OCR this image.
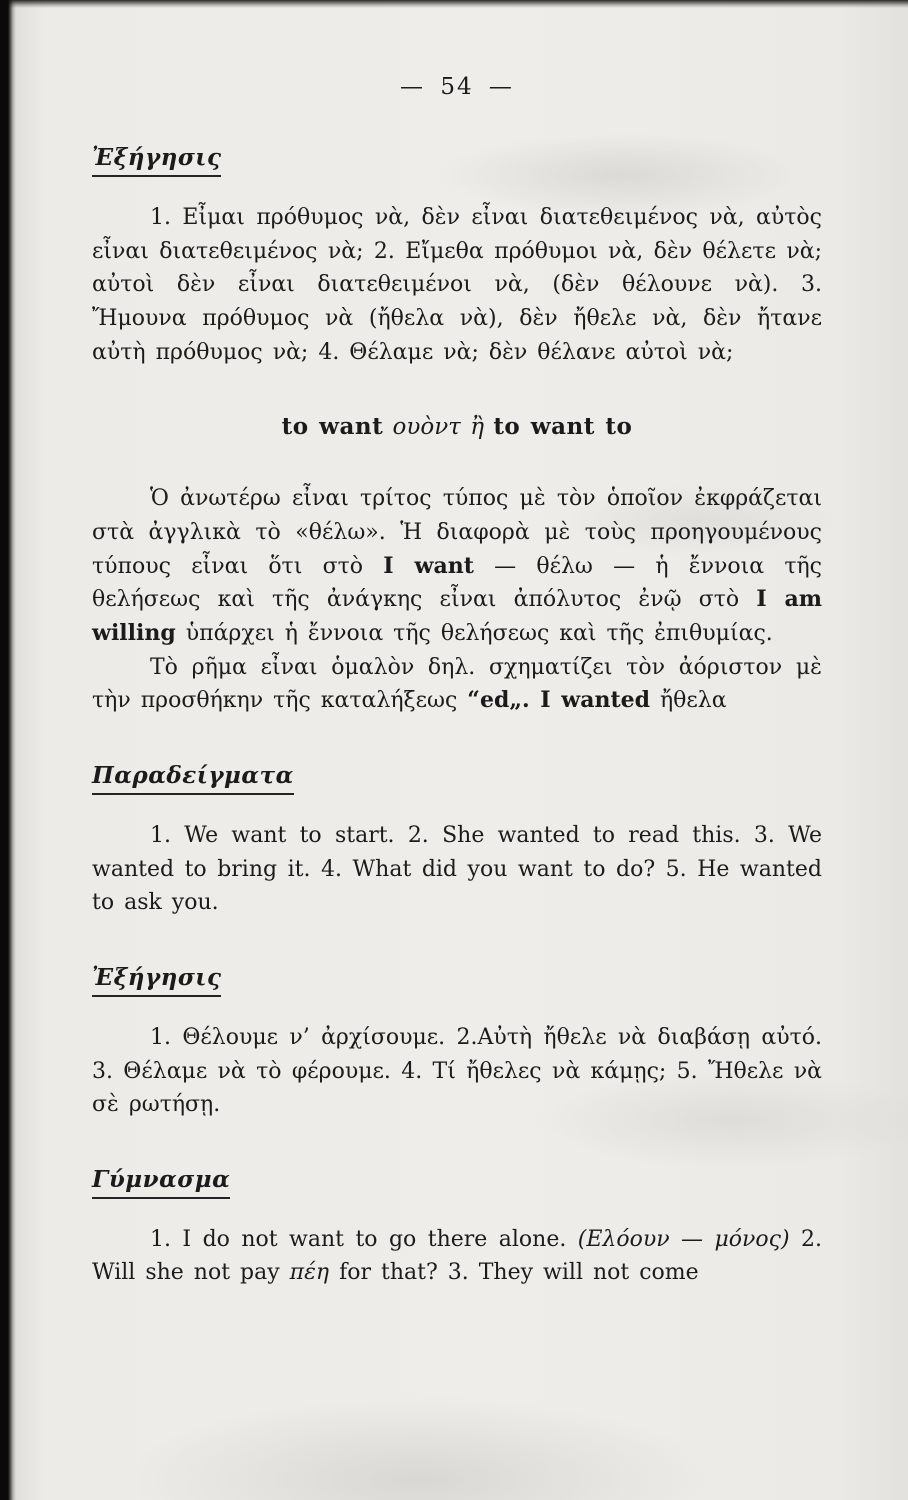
— 54 —
Ἐξήγησις

1. Εἶμαι πρόθυμος νὰ, δὲν εἶναι διατεθειμένος νὰ, αὐτὸς εἶναι διατεθειμένος νὰ; 2. Εἴμεθα πρόθυμοι νὰ, δὲν θέλετε νὰ; αὐτοὶ δὲν εἶναι διατεθειμένοι νὰ, (δὲν θέλουνε νὰ). 3. Ἤμουνα πρόθυμος νὰ (ἤθελα νὰ), δὲν ἤθελε νὰ, δὲν ἤτανε αὐτὴ πρόθυμος νὰ; 4. Θέλαμε νὰ; δὲν θέλανε αὐτοὶ νὰ;

to want ουὸντ ἢ to want to

Ὁ ἀνωτέρω εἶναι τρίτος τύπος μὲ τὸν ὁποῖον ἐκφράζεται στὰ ἀγγλικὰ τὸ «θέλω». Ἡ διαφορὰ μὲ τοὺς προηγουμένους τύπους εἶναι ὅτι στὸ I want — θέλω — ἡ ἔννοια τῆς θελήσεως καὶ τῆς ἀνάγκης εἶναι ἀπόλυτος ἐνῷ στὸ I am willing ὑπάρχει ἡ ἔννοια τῆς θελήσεως καὶ τῆς ἐπιθυμίας.

Τὸ ρῆμα εἶναι ὁμαλὸν δηλ. σχηματίζει τὸν ἀόριστον μὲ τὴν προσθήκην τῆς καταλήξεως “ed„. I wanted ἤθελα

Παραδείγματα

1. We want to start. 2. She wanted to read this. 3. We wanted to bring it. 4. What did you want to do? 5. He wanted to ask you.

Ἐξήγησις

1. Θέλουμε ν’ ἀρχίσουμε. 2.Αὐτὴ ἤθελε νὰ διαβάσῃ αὐτό. 3. Θέλαμε νὰ τὸ φέρουμε. 4. Τί ἤθελες νὰ κάμῃς; 5. Ἤθελε νὰ σὲ ρωτήσῃ.

Γύμνασμα

1. I do not want to go there alone. (Ελόουν — μόνος) 2. Will she not pay πέη for that? 3. They will not come
